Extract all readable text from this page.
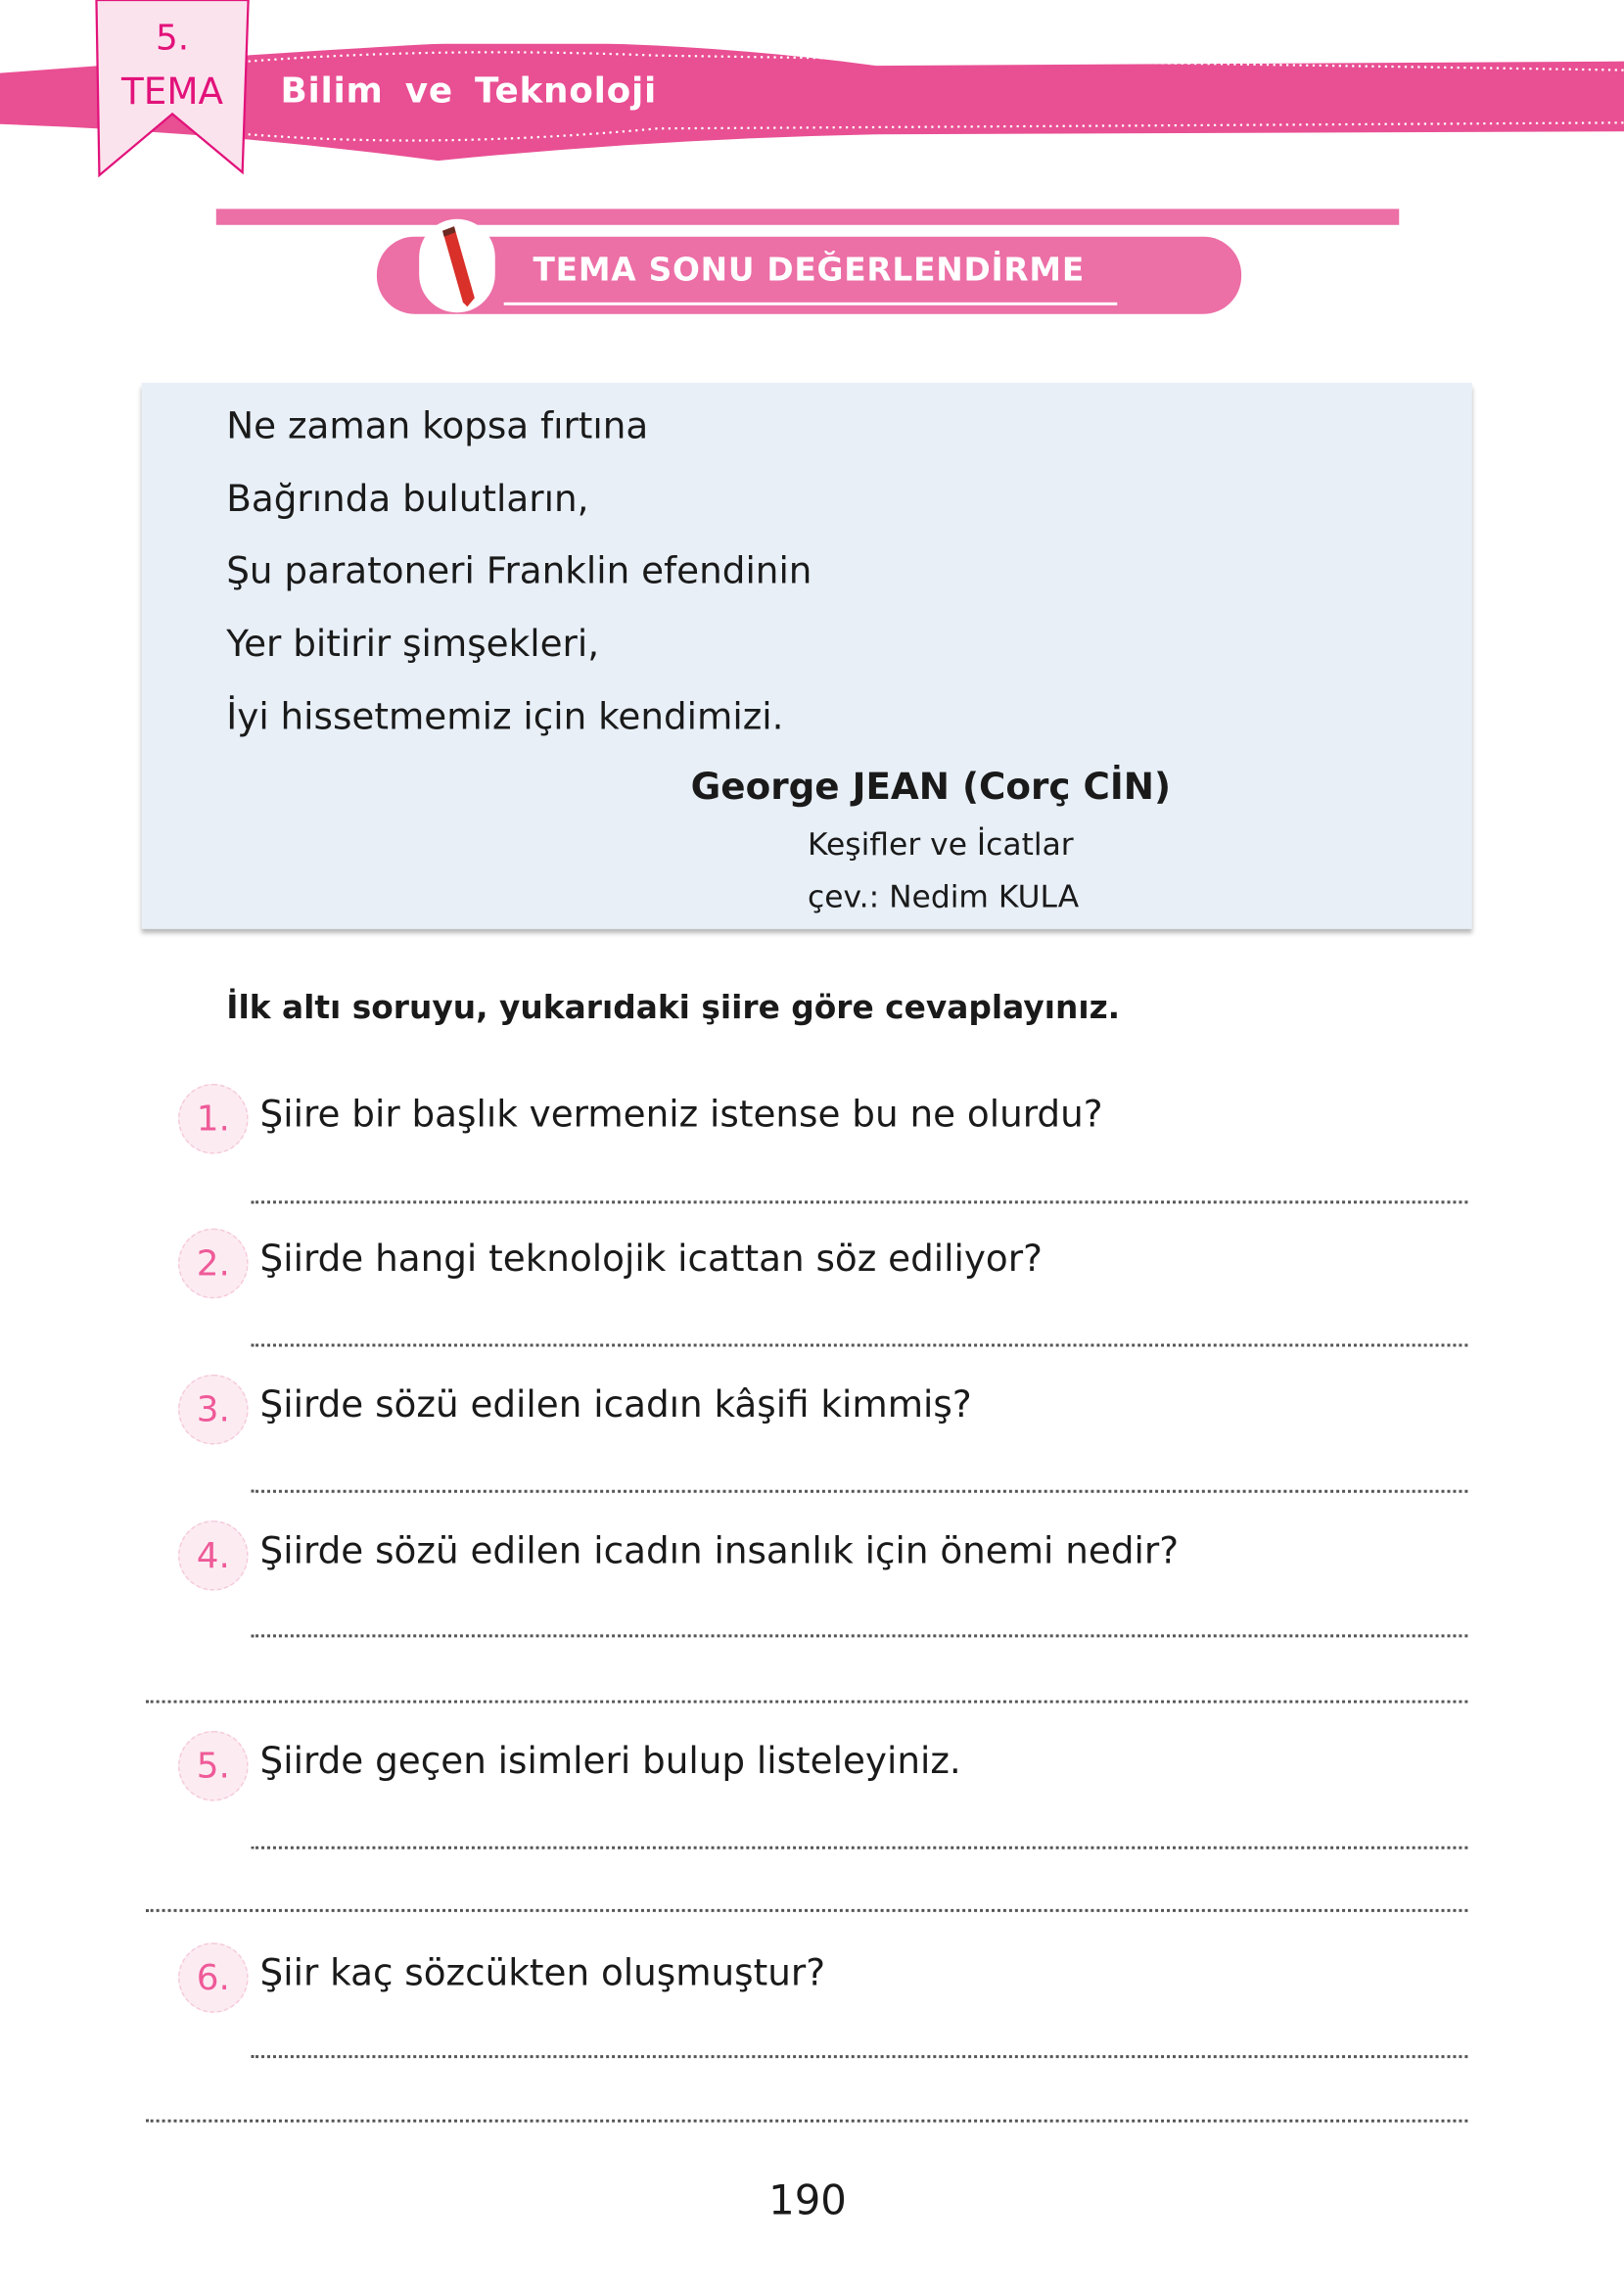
5.
TEMA	Bilim ve Teknoloji
TEMA SONU DEĞERLENDİRME
Ne zaman kopsa fırtına
Bağrında bulutların,
Şu paratoneri Franklin efendinin
Yer bitirir şimşekleri,
İyi hissetmemiz için kendimizi.
George JEAN (Corç CİN)
Keşifler ve İcatlar
çev.: Nedim KULA
İlk altı soruyu, yukarıdaki şiire göre cevaplayınız.
1.	Şiire bir başlık vermeniz istense bu ne olurdu?
2.	Şiirde hangi teknolojik icattan söz ediliyor?
3.	Şiirde sözü edilen icadın kâşifi kimmiş?
4.	Şiirde sözü edilen icadın insanlık için önemi nedir?
5.	Şiirde geçen isimleri bulup listeleyiniz.
6.	Şiir kaç sözcükten oluşmuştur?
190
